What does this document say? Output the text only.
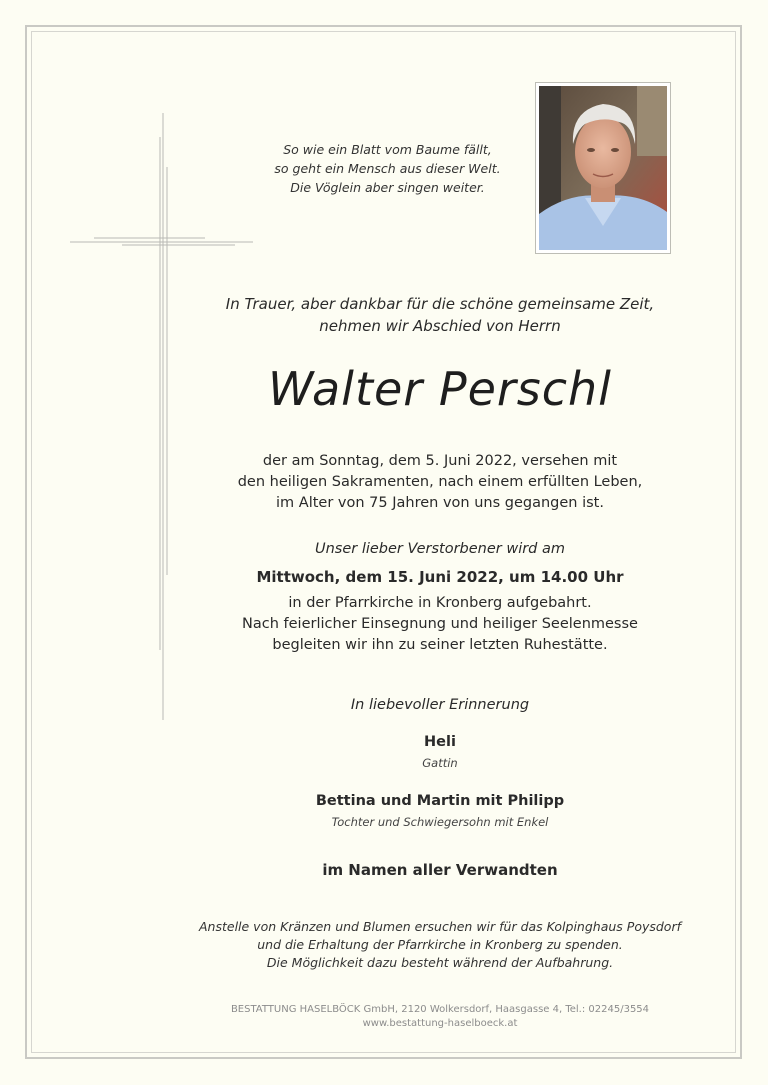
So wie ein Blatt vom Baume fällt,
so geht ein Mensch aus dieser Welt.
Die Vöglein aber singen weiter.
In Trauer, aber dankbar für die schöne gemeinsame Zeit,
nehmen wir Abschied von Herrn
Walter Perschl
der am Sonntag, dem 5. Juni 2022, versehen mit
den heiligen Sakramenten, nach einem erfüllten Leben,
im Alter von 75 Jahren von uns gegangen ist.
Unser lieber Verstorbener wird am
Mittwoch, dem 15. Juni 2022, um 14.00 Uhr
in der Pfarrkirche in Kronberg aufgebahrt.
Nach feierlicher Einsegnung und heiliger Seelenmesse
begleiten wir ihn zu seiner letzten Ruhestätte.
In liebevoller Erinnerung
Heli
Gattin
Bettina und Martin mit Philipp
Tochter und Schwiegersohn mit Enkel
im Namen aller Verwandten
Anstelle von Kränzen und Blumen ersuchen wir für das Kolpinghaus Poysdorf
und die Erhaltung der Pfarrkirche in Kronberg zu spenden.
Die Möglichkeit dazu besteht während der Aufbahrung.
BESTATTUNG HASELBÖCK GmbH, 2120 Wolkersdorf, Haasgasse 4, Tel.: 02245/3554
www.bestattung-haselboeck.at
